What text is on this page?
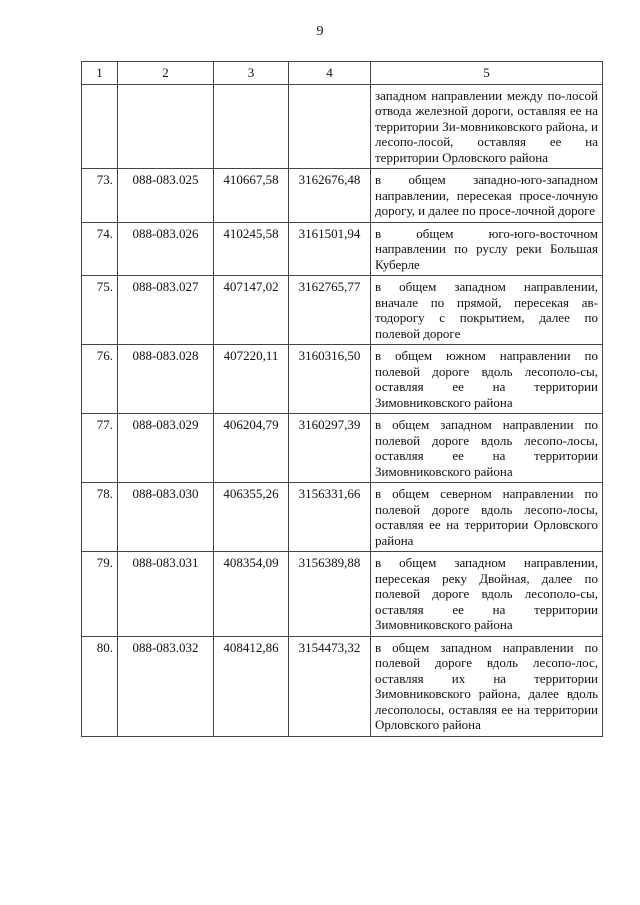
9
1	2	3	4	5
				западном направлении между по-лосой отвода железной дороги, оставляя ее на территории Зи-мовниковского района, и лесопо-лосой, оставляя ее на территории Орловского района
73.	088-083.025	410667,58	3162676,48	в общем западно-юго-западном направлении, пересекая просе-лочную дорогу, и далее по просе-лочной дороге
74.	088-083.026	410245,58	3161501,94	в общем юго-юго-восточном направлении по руслу реки Большая Куберле
75.	088-083.027	407147,02	3162765,77	в общем западном направлении, вначале по прямой, пересекая ав-тодорогу с покрытием, далее по полевой дороге
76.	088-083.028	407220,11	3160316,50	в общем южном направлении по полевой дороге вдоль лесополо-сы, оставляя ее на территории Зимовниковского района
77.	088-083.029	406204,79	3160297,39	в общем западном направлении по полевой дороге вдоль лесопо-лосы, оставляя ее на территории Зимовниковского района
78.	088-083.030	406355,26	3156331,66	в общем северном направлении по полевой дороге вдоль лесопо-лосы, оставляя ее на территории Орловского района
79.	088-083.031	408354,09	3156389,88	в общем западном направлении, пересекая реку Двойная, далее по полевой дороге вдоль лесополо-сы, оставляя ее на территории Зимовниковского района
80.	088-083.032	408412,86	3154473,32	в общем западном направлении по полевой дороге вдоль лесопо-лос, оставляя их на территории Зимовниковского района, далее вдоль лесополосы, оставляя ее на территории Орловского района
